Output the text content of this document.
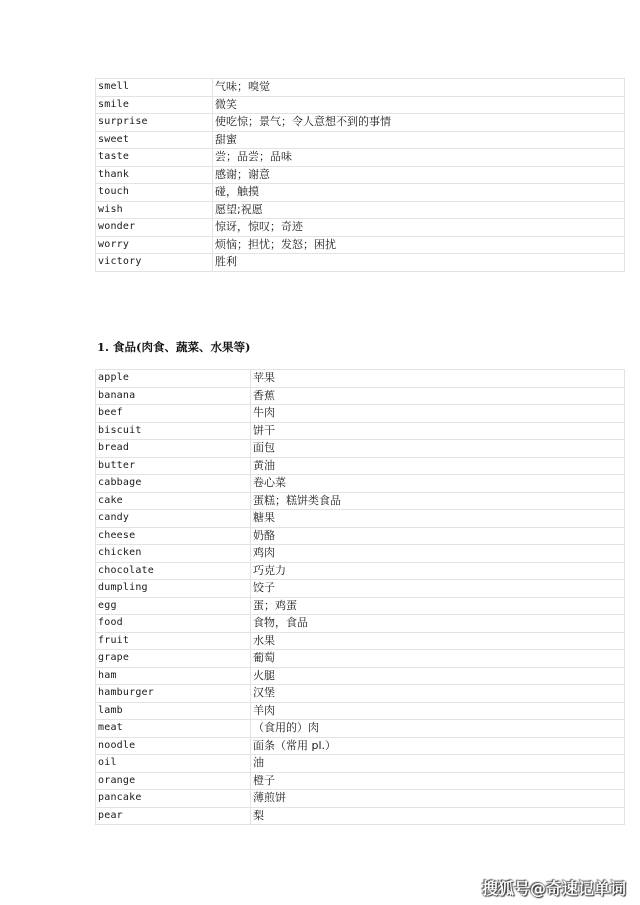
smell	气味；嗅觉
smile	微笑
surprise	使吃惊；景气；令人意想不到的事情
sweet	甜蜜
taste	尝；品尝；品味
thank	感谢；谢意
touch	碰，触摸
wish	愿望;祝愿
wonder	惊讶，惊叹；奇迹
worry	烦恼；担忧；发怒；困扰
victory	胜利
1. 食品(肉食、蔬菜、水果等)
apple	苹果
banana	香蕉
beef	牛肉
biscuit	饼干
bread	面包
butter	黄油
cabbage	卷心菜
cake	蛋糕；糕饼类食品
candy	糖果
cheese	奶酪
chicken	鸡肉
chocolate	巧克力
dumpling	饺子
egg	蛋；鸡蛋
food	食物，食品
fruit	水果
grape	葡萄
ham	火腿
hamburger	汉堡
lamb	羊肉
meat	（食用的）肉
noodle	面条（常用 pl.）
oil	油
orange	橙子
pancake	薄煎饼
pear	梨
搜狐号@奇速记单词
